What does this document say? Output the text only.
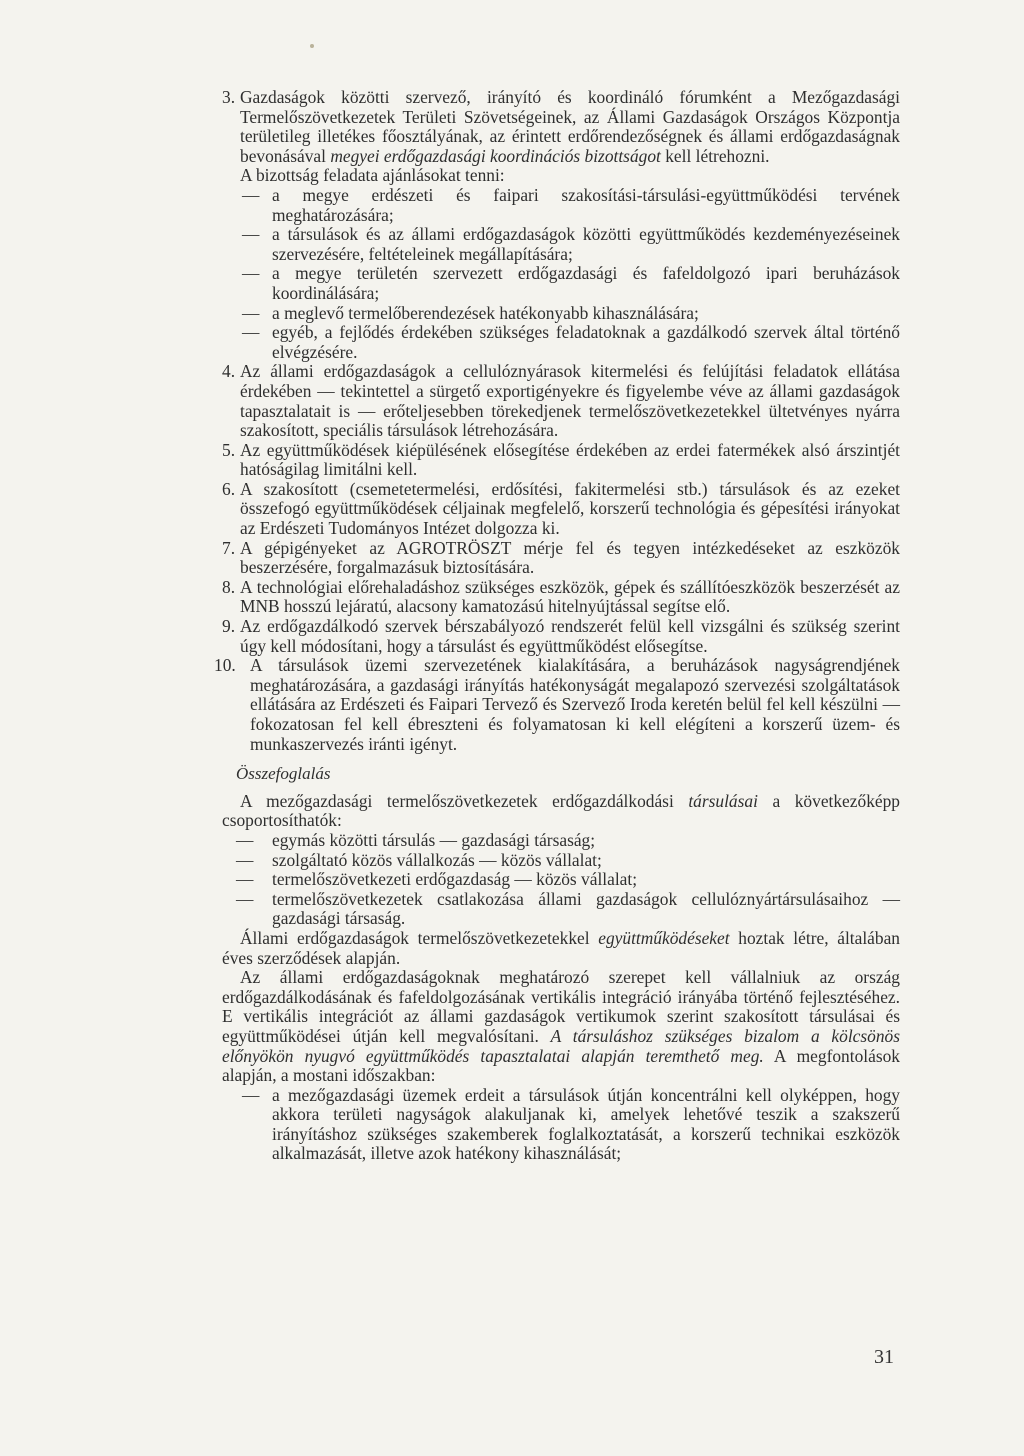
3. Gazdaságok közötti szervező, irányító és koordináló fórumként a Mezőgazdasági Termelőszövetkezetek Területi Szövetségeinek, az Állami Gazdaságok Országos Központja területileg illetékes főosztályának, az érintett erdőrendezőségnek és állami erdőgazdaságnak bevonásával megyei erdőgazdasági koordinációs bizottságot kell létrehozni.

A bizottság feladata ajánlásokat tenni:

— a megye erdészeti és faipari szakosítási-társulási-együttműködési tervének meghatározására;
— a társulások és az állami erdőgazdaságok közötti együttműködés kezdeményezéseinek szervezésére, feltételeinek megállapítására;
— a megye területén szervezett erdőgazdasági és fafeldolgozó ipari beruházások koordinálására;
— a meglevő termelőberendezések hatékonyabb kihasználására;
— egyéb, a fejlődés érdekében szükséges feladatoknak a gazdálkodó szervek által történő elvégzésére.
4. Az állami erdőgazdaságok a cellulóznyárasok kitermelési és felújítási feladatok ellátása érdekében — tekintettel a sürgető exportigényekre és figyelembe véve az állami gazdaságok tapasztalatait is — erőteljesebben törekedjenek termelőszövetkezetekkel ültetvényes nyárra szakosított, speciális társulások létrehozására.

5. Az együttműködések kiépülésének elősegítése érdekében az erdei fatermékek alsó árszintjét hatóságilag limitálni kell.

6. A szakosított (csemetetermelési, erdősítési, fakitermelési stb.) társulások és az ezeket összefogó együttműködések céljainak megfelelő, korszerű technológia és gépesítési irányokat az Erdészeti Tudományos Intézet dolgozza ki.

7. A gépigényeket az AGROTRÖSZT mérje fel és tegyen intézkedéseket az eszközök beszerzésére, forgalmazásuk biztosítására.

8. A technológiai előrehaladáshoz szükséges eszközök, gépek és szállítóeszközök beszerzését az MNB hosszú lejáratú, alacsony kamatozású hitelnyújtással segítse elő.

9. Az erdőgazdálkodó szervek bérszabályozó rendszerét felül kell vizsgálni és szükség szerint úgy kell módosítani, hogy a társulást és együttműködést elősegítse.

10. A társulások üzemi szervezetének kialakítására, a beruházások nagyságrendjének meghatározására, a gazdasági irányítás hatékonyságát megalapozó szervezési szolgáltatások ellátására az Erdészeti és Faipari Tervező és Szervező Iroda keretén belül fel kell készülni — fokozatosan fel kell ébreszteni és folyamatosan ki kell elégíteni a korszerű üzem- és munkaszervezés iránti igényt.

Összefoglalás

A mezőgazdasági termelőszövetkezetek erdőgazdálkodási társulásai a következőképp csoportosíthatók:

— egymás közötti társulás — gazdasági társaság;
— szolgáltató közös vállalkozás — közös vállalat;
— termelőszövetkezeti erdőgazdaság — közös vállalat;
— termelőszövetkezetek csatlakozása állami gazdaságok cellulóznyártársulásaihoz — gazdasági társaság.

Állami erdőgazdaságok termelőszövetkezetekkel együttműködéseket hoztak létre, általában éves szerződések alapján.

Az állami erdőgazdaságoknak meghatározó szerepet kell vállalniuk az ország erdőgazdálkodásának és fafeldolgozásának vertikális integráció irányába történő fejlesztéséhez. E vertikális integrációt az állami gazdaságok vertikumok szerint szakosított társulásai és együttműködései útján kell megvalósítani. A társuláshoz szükséges bizalom a kölcsönös előnyökön nyugvó együttműködés tapasztalatai alapján teremthető meg. A megfontolások alapján, a mostani időszakban:

— a mezőgazdasági üzemek erdeit a társulások útján koncentrálni kell olyképpen, hogy akkora területi nagyságok alakuljanak ki, amelyek lehetővé teszik a szakszerű irányításhoz szükséges szakemberek foglalkoztatását, a korszerű technikai eszközök alkalmazását, illetve azok hatékony kihasználását;
31
